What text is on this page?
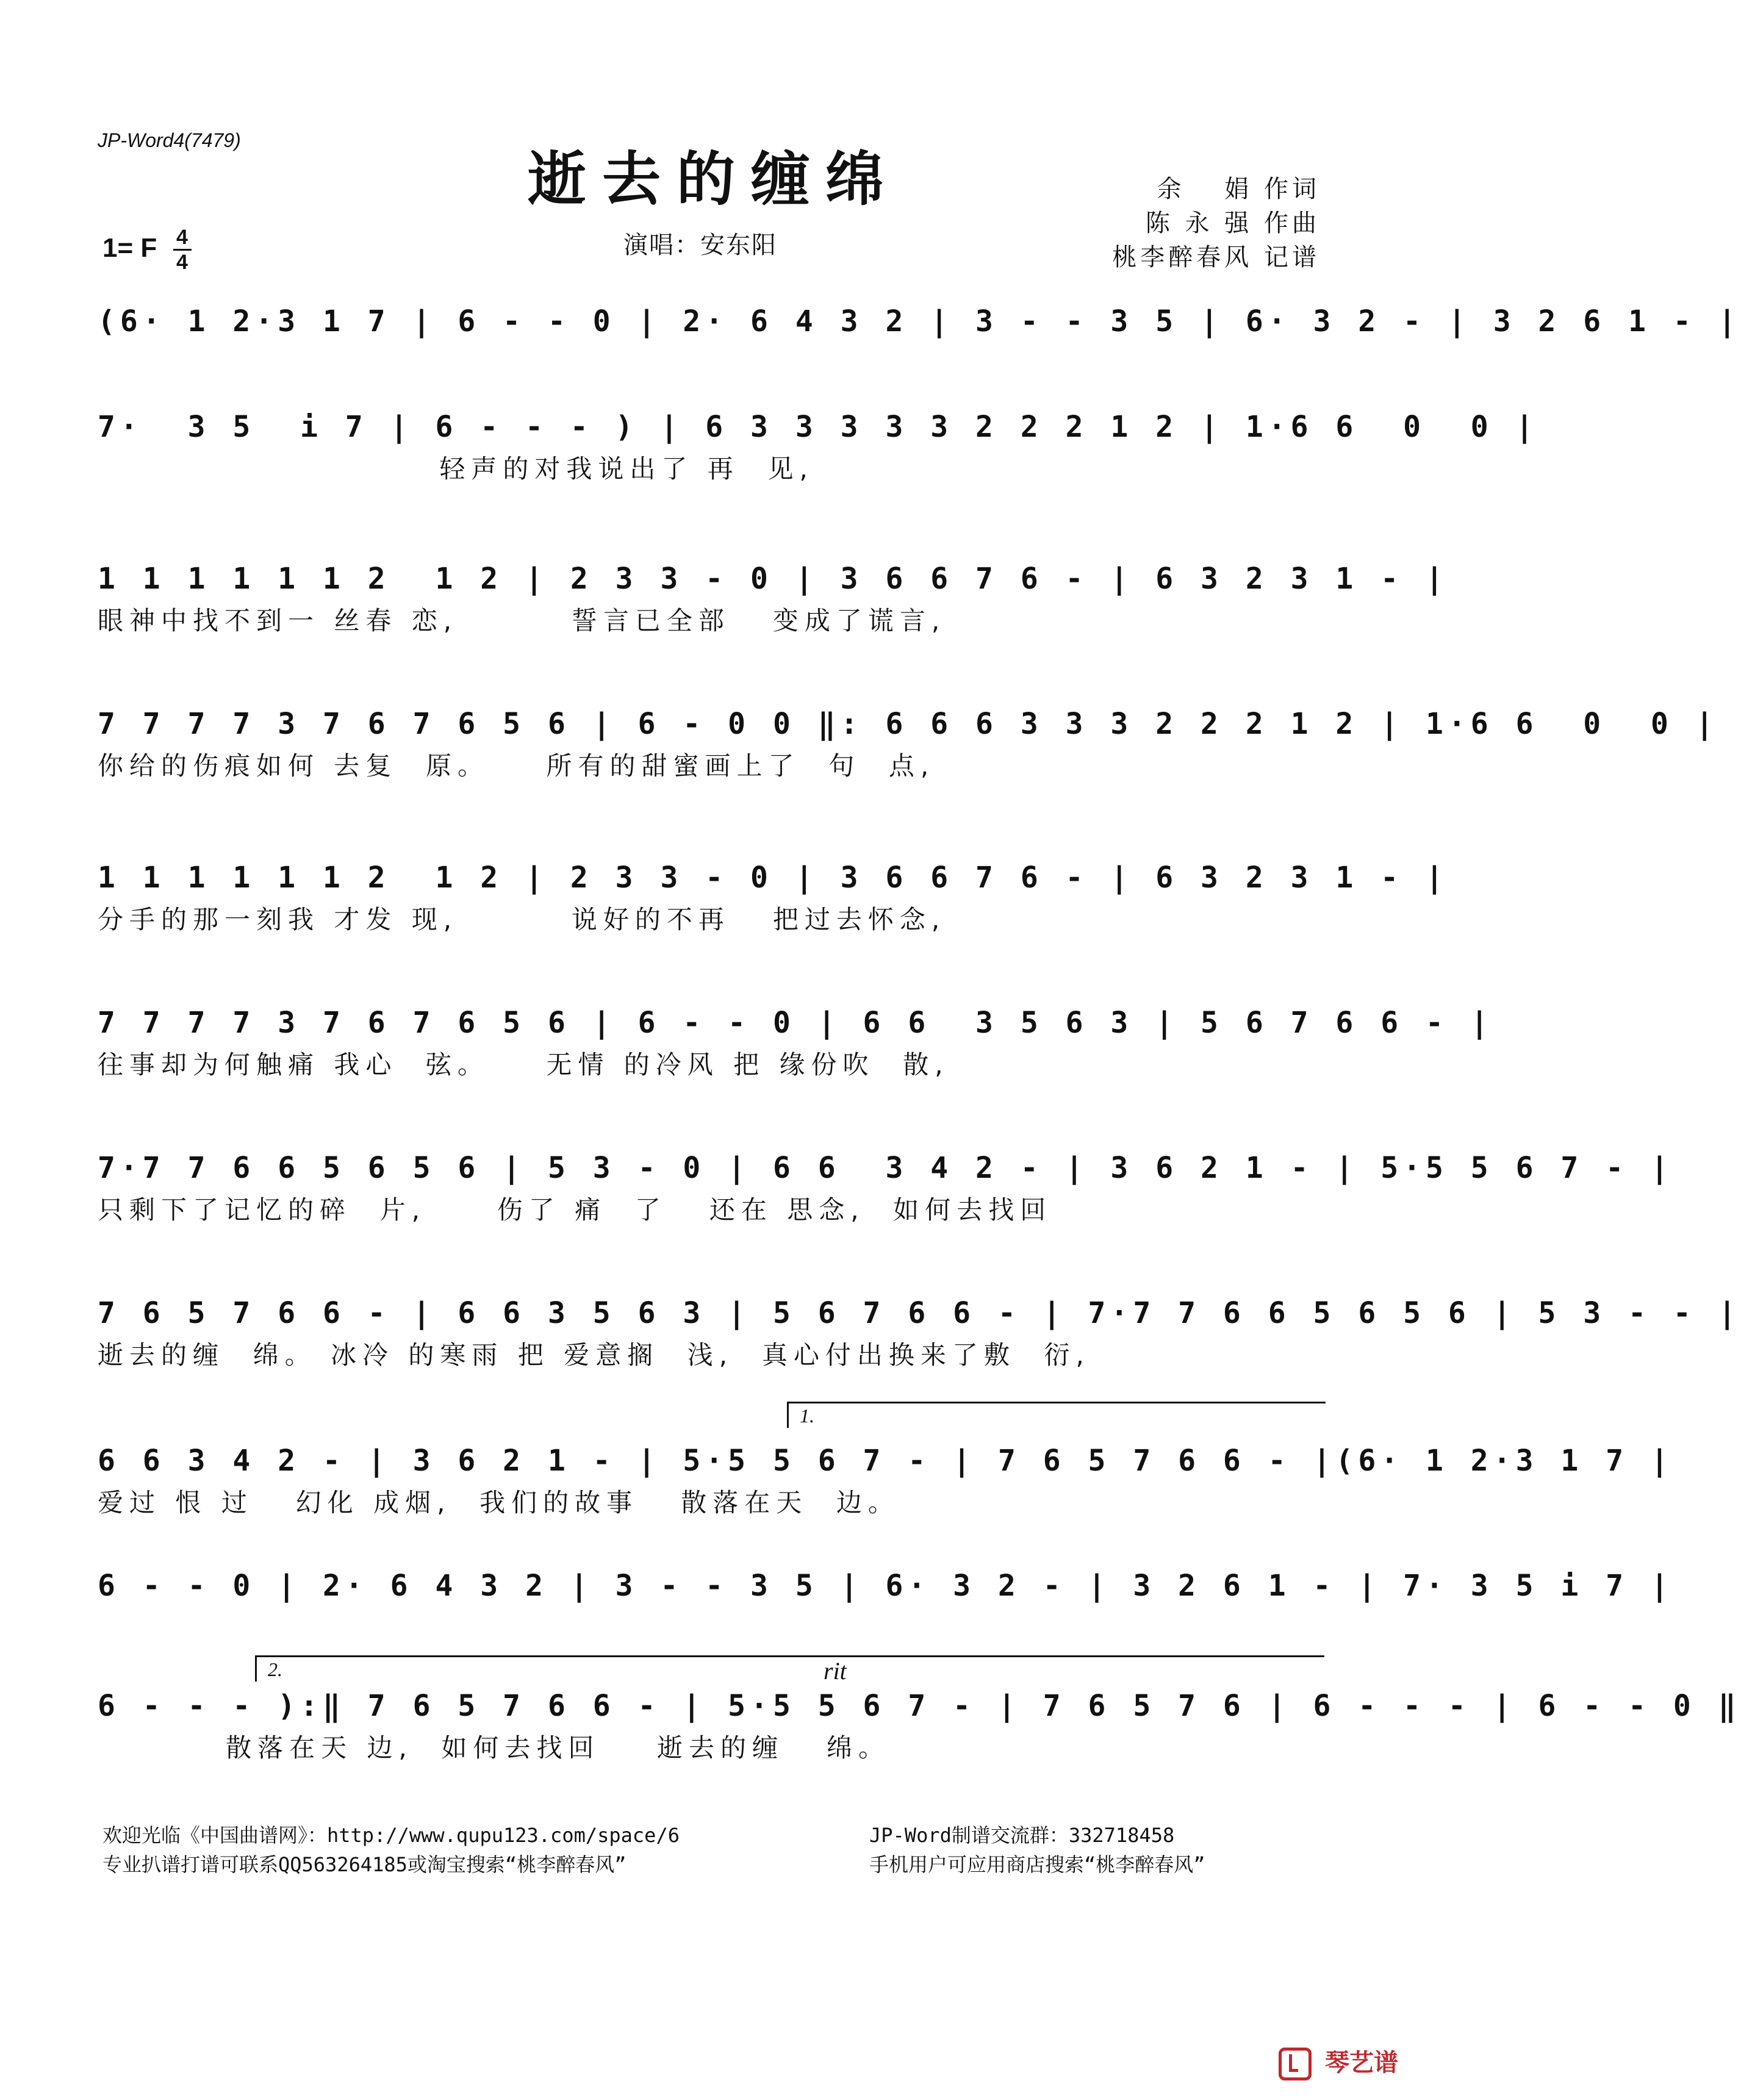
JP-Word4(7479)
逝去的缠绵	余　 娟 作词
陈 永 强 作曲
桃李醉春风 记谱
1= F $\frac{4}{4}$	演唱：安东阳
(6· 1 2·3 1 7 | 6 - - 0 | 2· 6 4 3 2 | 3 - - 3 5 | 6· 3 2 - | 3 2 6 1 - |
7·  3 5  i 7 | 6 - - - ) | 6 3 3 3 3 3 2 2 2 1 2 | 1·6 6  0  0 |
轻声的对我说出了 再  见,
1 1 1 1 1 1 2  1 2 | 2 3 3 - 0 | 3 6 6 7 6 - | 6 3 2 3 1 - |
眼神中找不到一 丝春 恋,        誓言已全部   变成了谎言,
7 7 7 7 3 7 6 7 6 5 6 | 6 - 0 0 ‖: 6 6 6 3 3 3 2 2 2 1 2 | 1·6 6  0  0 |
你给的伤痕如何 去复  原。    所有的甜蜜画上了  句  点,
1 1 1 1 1 1 2  1 2 | 2 3 3 - 0 | 3 6 6 7 6 - | 6 3 2 3 1 - |
分手的那一刻我 才发 现,        说好的不再   把过去怀念,
7 7 7 7 3 7 6 7 6 5 6 | 6 - - 0 | 6 6  3 5 6 3 | 5 6 7 6 6 - |
往事却为何触痛 我心  弦。    无情 的冷风 把 缘份吹  散,
7·7 7 6 6 5 6 5 6 | 5 3 - 0 | 6 6  3 4 2 - | 3 6 2 1 - | 5·5 5 6 7 - |
只剩下了记忆的碎  片,     伤了 痛  了   还在 思念,  如何去找回
7 6 5 7 6 6 - | 6 6 3 5 6 3 | 5 6 7 6 6 - | 7·7 7 6 6 5 6 5 6 | 5 3 - - |
逝去的缠  绵。 冰冷 的寒雨 把 爱意搁  浅,  真心付出换来了敷  衍,
1.
6 6 3 4 2 - | 3 6 2 1 - | 5·5 5 6 7 - | 7 6 5 7 6 6 - |(6· 1 2·3 1 7 |
爱过 恨 过   幻化 成烟,  我们的故事   散落在天  边。
6 - - 0 | 2· 6 4 3 2 | 3 - - 3 5 | 6· 3 2 - | 3 2 6 1 - | 7· 3 5 i 7 |
2.	rit
6 - - - ):‖ 7 6 5 7 6 6 - | 5·5 5 6 7 - | 7 6 5 7 6 | 6 - - - | 6 - - 0 ‖
散落在天 边,  如何去找回    逝去的缠   绵。
欢迎光临《中国曲谱网》：http://www.qupu123.com/space/6
专业扒谱打谱可联系QQ563264185或淘宝搜索“桃李醉春风”
JP-Word制谱交流群：332718458
手机用户可应用商店搜索“桃李醉春风”
琴艺谱
